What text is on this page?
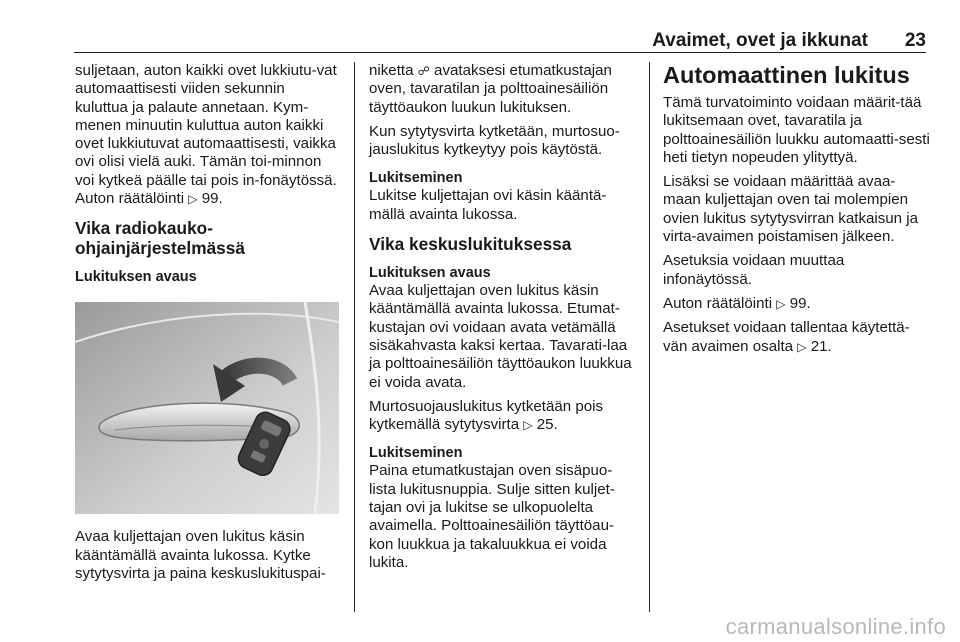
Avaimet, ovet ja ikkunat 23

suljetaan, auton kaikki ovet lukkiutu-vat automaattisesti viiden sekunnin kuluttua ja palaute annetaan. Kym-menen minuutin kuluttua auton kaikki ovet lukkiutuvat automaattisesti, vaikka ovi olisi vielä auki. Tämän toi-minnon voi kytkeä päälle tai pois in-fonäytössä. Auton räätälöinti ▷ 99.

Vika radiokauko-ohjainjärjestelmässä
Lukituksen avaus

Avaa kuljettajan oven lukitus käsin kääntämällä avainta lukossa. Kytke sytytysvirta ja paina keskuslukituspai-

niketta ☍ avataksesi etumatkustajan oven, tavaratilan ja polttoainesäiliön täyttöaukon luukun lukituksen.

Kun sytytysvirta kytketään, murtosuo-jauslukitus kytkeytyy pois käytöstä.

Lukitseminen

Lukitse kuljettajan ovi käsin kääntä-mällä avainta lukossa.

Vika keskuslukituksessa
Lukituksen avaus

Avaa kuljettajan oven lukitus käsin kääntämällä avainta lukossa. Etumat-kustajan ovi voidaan avata vetämällä sisäkahvasta kaksi kertaa. Tavarati-laa ja polttoainesäiliön täyttöaukon luukkua ei voida avata.

Murtosuojauslukitus kytketään pois kytkemällä sytytysvirta ▷ 25.

Lukitseminen

Paina etumatkustajan oven sisäpuo-lista lukitusnuppia. Sulje sitten kuljet-tajan ovi ja lukitse se ulkopuolelta avaimella. Polttoainesäiliön täyttöau-kon luukkua ja takaluukkua ei voida lukita.

Automaattinen lukitus

Tämä turvatoiminto voidaan määrit-tää lukitsemaan ovet, tavaratila ja polttoainesäiliön luukku automaatti-sesti heti tietyn nopeuden ylityttyä.

Lisäksi se voidaan määrittää avaa-maan kuljettajan oven tai molempien ovien lukitus sytytysvirran katkaisun ja virta-avaimen poistamisen jälkeen.

Asetuksia voidaan muuttaa infonäytössä.

Auton räätälöinti ▷ 99.

Asetukset voidaan tallentaa käytettä-vän avaimen osalta ▷ 21.

carmanualsonline.info
